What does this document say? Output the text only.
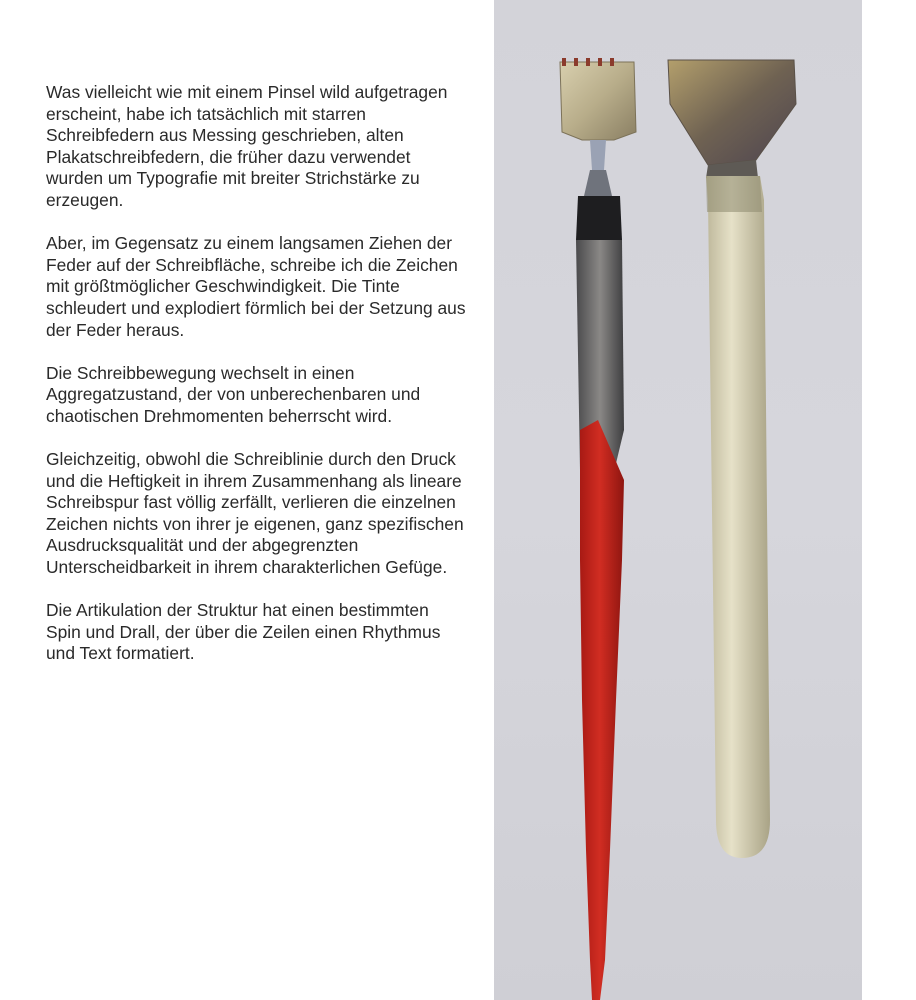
Was vielleicht wie mit einem Pinsel wild aufgetragen erscheint, habe ich tatsächlich mit starren Schreibfedern aus Messing geschrieben, alten Plakatschreibfedern, die früher dazu verwendet wurden um Typografie mit breiter Strichstärke zu erzeugen.

Aber, im Gegensatz zu einem langsamen Ziehen der Feder auf der Schreibfläche, schreibe ich die Zeichen mit größtmöglicher Geschwindigkeit. Die Tinte schleudert und explodiert förmlich bei der Setzung aus der Feder heraus.

Die Schreibbewegung wechselt in einen Aggregatzustand, der von unberechenbaren und chaotischen Drehmomenten beherrscht wird.

Gleichzeitig, obwohl die Schreiblinie durch den Druck und die Heftigkeit in ihrem Zusammenhang als lineare Schreibspur fast völlig zerfällt, verlieren die einzelnen Zeichen nichts von ihrer je eigenen, ganz spezifischen Ausdrucksqualität und der abgegrenzten Unterscheidbarkeit in ihrem charakterlichen Gefüge.

Die Artikulation der Struktur hat einen bestimmten Spin und Drall, der über die Zeilen einen Rhythmus und Text formatiert.
